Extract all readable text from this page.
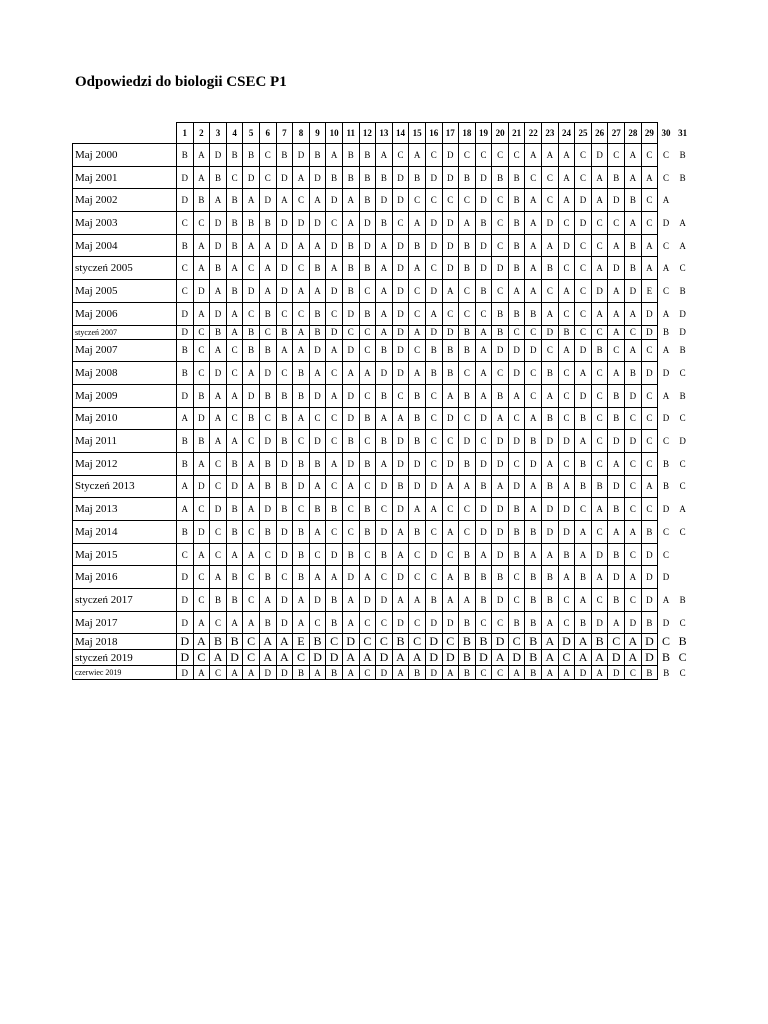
Odpowiedzi do biologii CSEC P1
	1	2	3	4	5	6	7	8	9	10	11	12	13	14	15	16	17	18	19	20	21	22	23	24	25	26	27	28	29	30	31
Maj 2000	B	A	D	B	B	C	B	D	B	A	B	B	A	C	A	C	D	C	C	C	C	A	A	A	C	D	C	A	C	C	B
Maj 2001	D	A	B	C	D	C	D	A	D	B	B	B	B	D	B	D	D	B	D	B	B	C	C	A	C	A	B	A	A	C	B
Maj 2002	D	B	A	B	A	D	A	C	A	D	A	B	D	D	C	C	C	C	D	C	B	A	C	A	D	A	D	B	C	A	
Maj 2003	C	C	D	B	B	B	D	D	D	C	A	D	B	C	A	D	D	A	B	C	B	A	D	C	D	C	C	A	C	D	A
Maj 2004	B	A	D	B	A	A	D	A	A	D	B	D	A	D	B	D	D	B	D	C	B	A	A	D	C	C	A	B	A	C	A
styczeń 2005	C	A	B	A	C	A	D	C	B	A	B	B	A	D	A	C	D	B	D	D	B	A	B	C	C	A	D	B	A	A	C
Maj 2005	C	D	A	B	D	A	D	A	A	D	B	C	A	D	C	D	A	C	B	C	A	A	C	A	C	D	A	D	E	C	B
Maj 2006	D	A	D	A	C	B	C	C	B	C	D	B	A	D	C	A	C	C	C	B	B	B	A	C	C	A	A	A	D	A	D
styczeń 2007	D	C	B	A	B	C	B	A	B	D	C	C	A	D	A	D	D	B	A	B	C	C	D	B	C	C	A	C	D	B	D
Maj 2007	B	C	A	C	B	B	A	A	D	A	D	C	B	D	C	B	B	B	A	D	D	D	C	A	D	B	C	A	C	A	B
Maj 2008	B	C	D	C	A	D	C	B	A	C	A	A	D	D	A	B	B	C	A	C	D	C	B	C	A	C	A	B	D	D	C
Maj 2009	D	B	A	A	D	B	B	B	D	A	D	C	B	C	B	C	A	B	A	B	A	C	A	C	D	C	B	D	C	A	B
Maj 2010	A	D	A	C	B	C	B	A	C	C	D	B	A	A	B	C	D	C	D	A	C	A	B	C	B	C	B	C	C	D	C
Maj 2011	B	B	A	A	C	D	B	C	D	C	B	C	B	D	B	C	C	D	C	D	D	B	D	D	A	C	D	D	C	C	D
Maj 2012	B	A	C	B	A	B	D	B	B	A	D	B	A	D	D	C	D	B	D	D	C	D	A	C	B	C	A	C	C	B	C
Styczeń 2013	A	D	C	D	A	B	B	D	A	C	A	C	D	B	D	D	A	A	B	A	D	A	B	A	B	B	D	C	A	B	C
Maj 2013	A	C	D	B	A	D	B	C	B	B	C	B	C	D	A	A	C	C	D	D	B	A	D	D	C	A	B	C	C	D	A
Maj 2014	B	D	C	B	C	B	D	B	A	C	C	B	D	A	B	C	A	C	D	D	B	B	D	D	A	C	A	A	B	C	C
Maj 2015	C	A	C	A	A	C	D	B	C	D	B	C	B	A	C	D	C	B	A	D	B	A	A	B	A	D	B	C	D	C	
Maj 2016	D	C	A	B	C	B	C	B	A	A	D	A	C	D	C	C	A	B	B	B	C	B	B	A	B	A	D	A	D	D	
styczeń 2017	D	C	B	B	C	A	D	A	D	B	A	D	D	A	A	B	A	A	B	D	C	B	B	C	A	C	B	C	D	A	B
Maj 2017	D	A	C	A	A	B	D	A	C	B	A	C	C	D	C	D	D	B	C	C	B	B	A	C	B	D	A	D	B	D	C
Maj 2018	D	A	B	B	C	A	A	E	B	C	D	C	C	B	C	D	C	B	B	D	C	B	A	D	A	B	C	A	D	C	B
styczeń 2019	D	C	A	D	C	A	A	C	D	D	A	A	D	A	A	D	D	B	D	A	D	B	A	C	A	A	D	A	D	B	C
czerwiec 2019	D	A	C	A	A	D	D	B	A	B	A	C	D	A	B	D	A	B	C	C	A	B	A	A	D	A	D	C	B	B	C
